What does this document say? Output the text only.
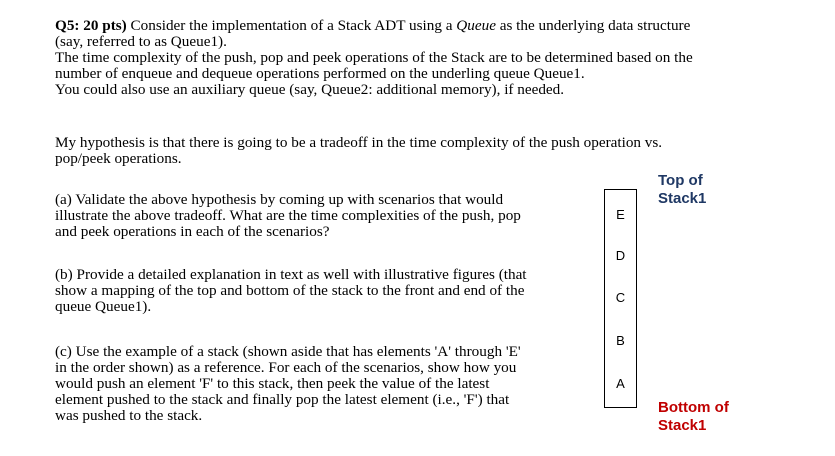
Q5: 20 pts) Consider the implementation of a Stack ADT using a Queue as the underlying data structure
(say, referred to as Queue1).
The time complexity of the push, pop and peek operations of the Stack are to be determined based on the
number of enqueue and dequeue operations performed on the underling queue Queue1.
You could also use an auxiliary queue (say, Queue2: additional memory), if needed.
My hypothesis is that there is going to be a tradeoff in the time complexity of the push operation vs.
pop/peek operations.
(a) Validate the above hypothesis by coming up with scenarios that would
illustrate the above tradeoff. What are the time complexities of the push, pop
and peek operations in each of the scenarios?
(b) Provide a detailed explanation in text as well with illustrative figures (that
show a mapping of the top and bottom of the stack to the front and end of the
queue Queue1).
(c) Use the example of a stack (shown aside that has elements 'A' through 'E'
in the order shown) as a reference. For each of the scenarios, show how you
would push an element 'F' to this stack, then peek the value of the latest
element pushed to the stack and finally pop the latest element (i.e., 'F') that
was pushed to the stack.
Top of
Stack1
E
D
C
B
A
Bottom of
Stack1
